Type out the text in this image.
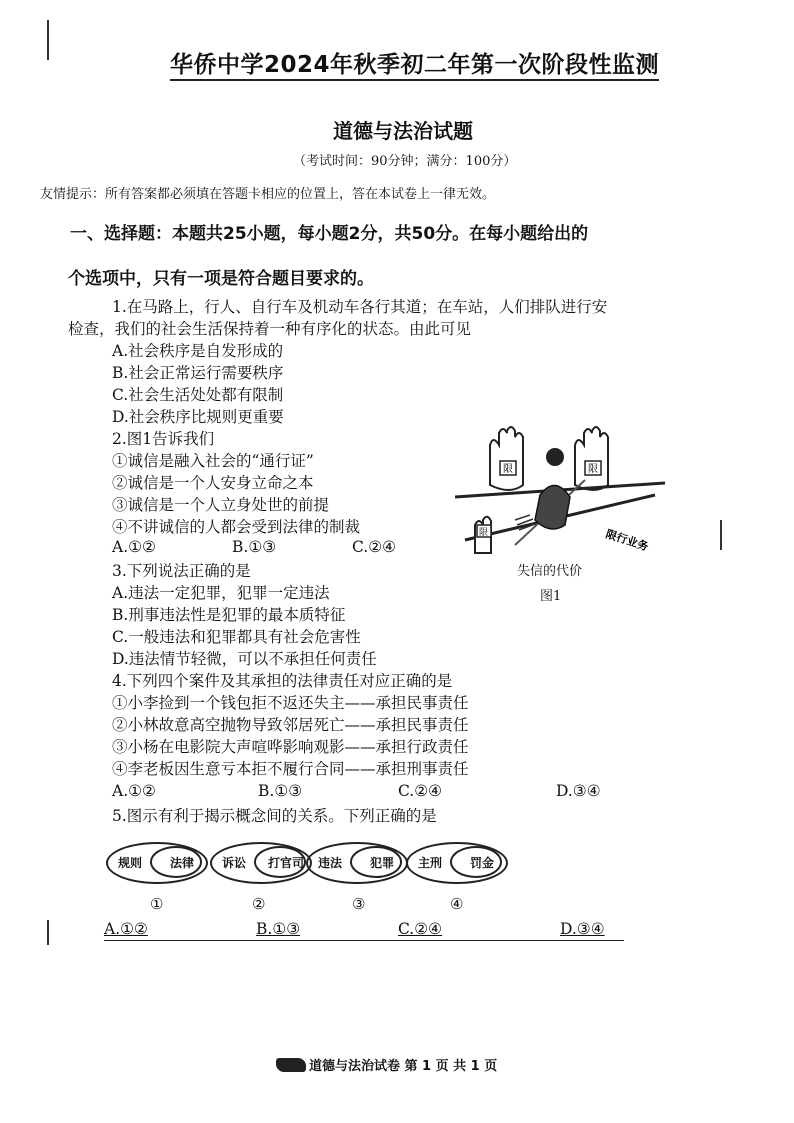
华侨中学2024年秋季初二年第一次阶段性监测
道德与法治试题
（考试时间：90分钟；满分：100分）
友情提示：所有答案都必须填在答题卡相应的位置上，答在本试卷上一律无效。
一、选择题：本题共25小题，每小题2分，共50分。在每小题给出的
个选项中，只有一项是符合题目要求的。
1.在马路上，行人、自行车及机动车各行其道；在车站，人们排队进行安
检查，我们的社会生活保持着一种有序化的状态。由此可见
A.社会秩序是自发形成的
B.社会正常运行需要秩序
C.社会生活处处都有限制
D.社会秩序比规则更重要
2.图1告诉我们
①诚信是融入社会的“通行证”
②诚信是一个人安身立命之本
③诚信是一个人立身处世的前提
④不讲诚信的人都会受到法律的制裁
A.①②	B.①③	C.②④
限	限
限	限行业务
失信的代价
图1
3.下列说法正确的是
A.违法一定犯罪，犯罪一定违法
B.刑事违法性是犯罪的最本质特征
C.一般违法和犯罪都具有社会危害性
D.违法情节轻微，可以不承担任何责任
4.下列四个案件及其承担的法律责任对应正确的是
①小李捡到一个钱包拒不返还失主——承担民事责任
②小林故意高空抛物导致邻居死亡——承担民事责任
③小杨在电影院大声喧哗影响观影——承担行政责任
④李老板因生意亏本拒不履行合同——承担刑事责任
A.①②	B.①③	C.②④	D.③④
5.图示有利于揭示概念间的关系。下列正确的是
规则 法律 诉讼 打官司 违法 犯罪 主刑 罚金
①	②	③	④
A.①②	B.①③	C.②④	D.③④
道德与法治试卷 第 1 页 共 1 页
